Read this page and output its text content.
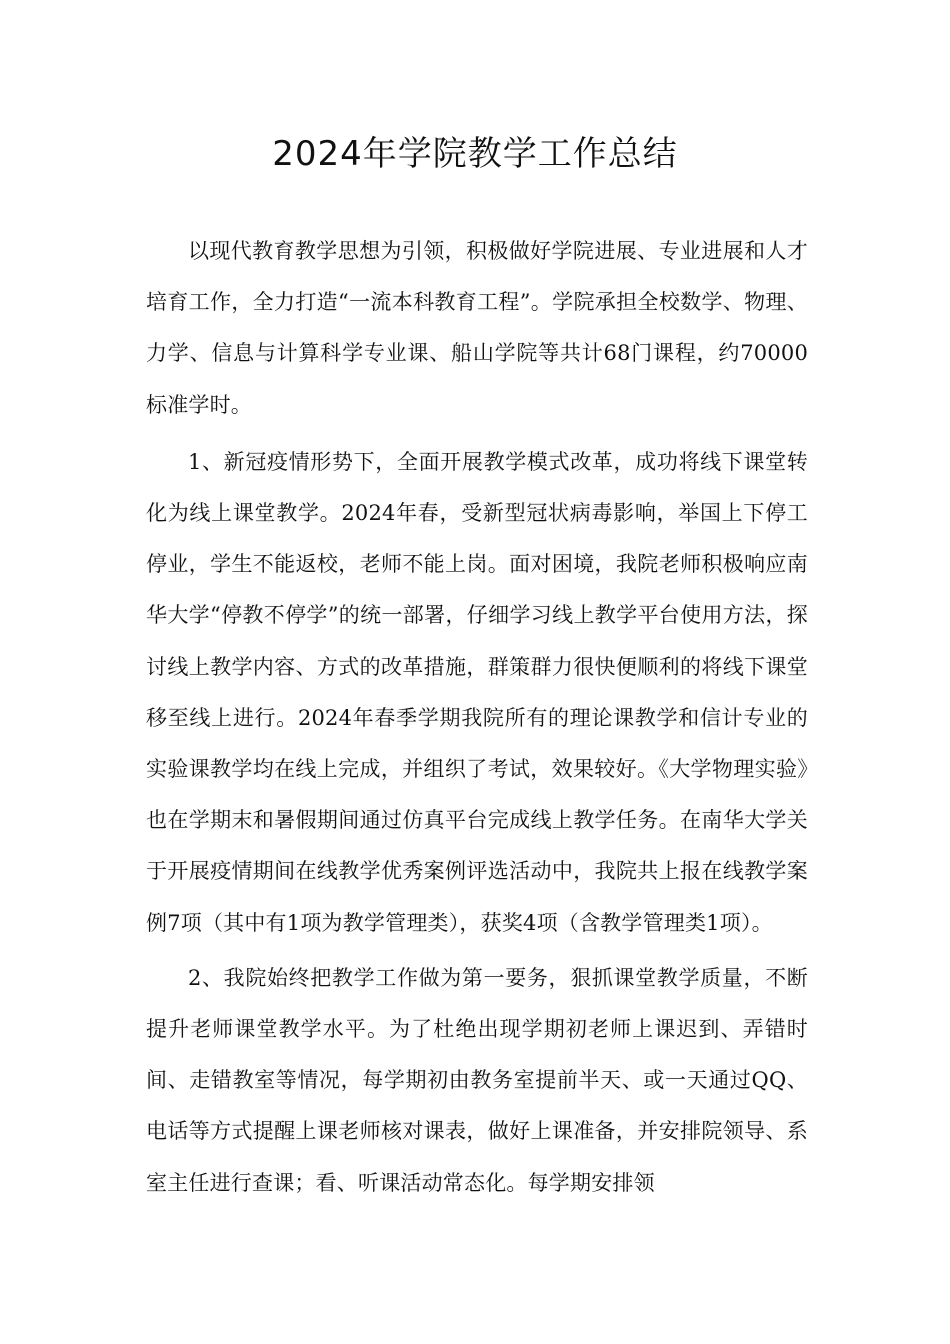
2024年学院教学工作总结

以现代教育教学思想为引领，积极做好学院进展、专业进展和人才培育工作，全力打造“一流本科教育工程”。学院承担全校数学、物理、力学、信息与计算科学专业课、船山学院等共计68门课程，约70000标准学时。

1、新冠疫情形势下，全面开展教学模式改革，成功将线下课堂转化为线上课堂教学。2024年春，受新型冠状病毒影响，举国上下停工停业，学生不能返校，老师不能上岗。面对困境，我院老师积极响应南华大学“停教不停学”的统一部署，仔细学习线上教学平台使用方法，探讨线上教学内容、方式的改革措施，群策群力很快便顺利的将线下课堂移至线上进行。2024年春季学期我院所有的理论课教学和信计专业的实验课教学均在线上完成，并组织了考试，效果较好。《大学物理实验》也在学期末和暑假期间通过仿真平台完成线上教学任务。在南华大学关于开展疫情期间在线教学优秀案例评选活动中，我院共上报在线教学案例7项（其中有1项为教学管理类），获奖4项（含教学管理类1项）。

2、我院始终把教学工作做为第一要务，狠抓课堂教学质量，不断提升老师课堂教学水平。为了杜绝出现学期初老师上课迟到、弄错时间、走错教室等情况，每学期初由教务室提前半天、或一天通过QQ、电话等方式提醒上课老师核对课表，做好上课准备，并安排院领导、系室主任进行查课；看、听课活动常态化。每学期安排领
